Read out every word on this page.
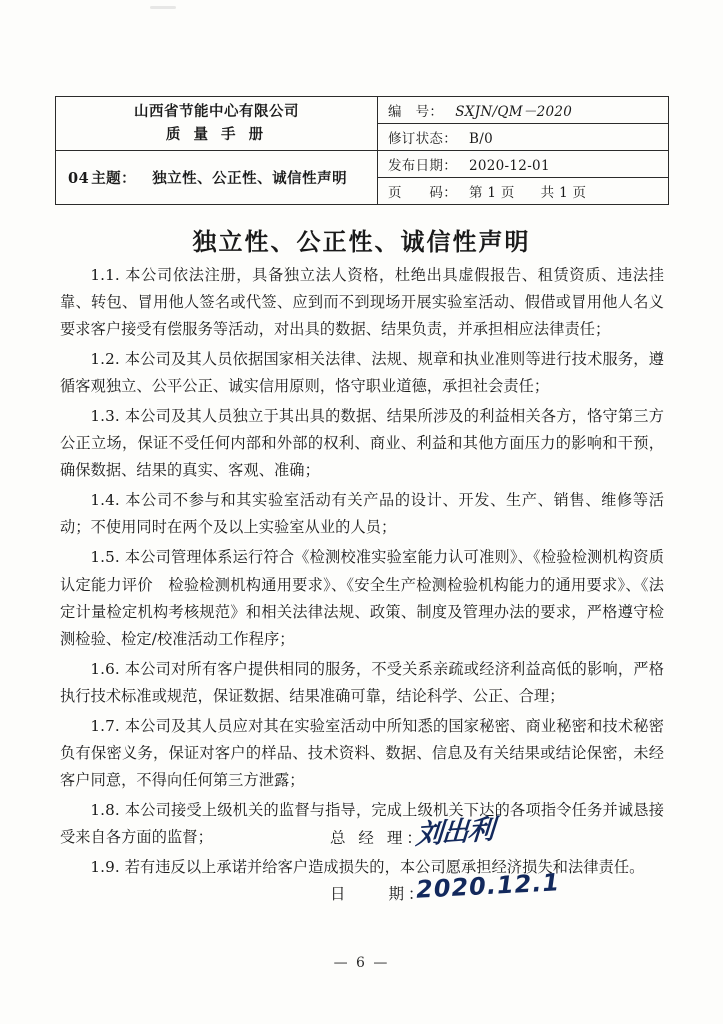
山西省节能中心有限公司
质 量 手 册	编　号： SXJN/QM－2020

	修订状态： B/0

04 主题： 独立性、公正性、诚信性声明	发布日期： 2020-12-01

	页　　码： 第 1 页 共 1 页
独立性、公正性、诚信性声明

1.1. 本公司依法注册，具备独立法人资格，杜绝出具虚假报告、租赁资质、违法挂靠、转包、冒用他人签名或代签、应到而不到现场开展实验室活动、假借或冒用他人名义要求客户接受有偿服务等活动，对出具的数据、结果负责，并承担相应法律责任；

1.2. 本公司及其人员依据国家相关法律、法规、规章和执业准则等进行技术服务，遵循客观独立、公平公正、诚实信用原则，恪守职业道德，承担社会责任；

1.3. 本公司及其人员独立于其出具的数据、结果所涉及的利益相关各方，恪守第三方公正立场，保证不受任何内部和外部的权利、商业、利益和其他方面压力的影响和干预，确保数据、结果的真实、客观、准确；

1.4. 本公司不参与和其实验室活动有关产品的设计、开发、生产、销售、维修等活动；不使用同时在两个及以上实验室从业的人员；

1.5. 本公司管理体系运行符合《检测校准实验室能力认可准则》、《检验检测机构资质认定能力评价　检验检测机构通用要求》、《安全生产检测检验机构能力的通用要求》、《法定计量检定机构考核规范》和相关法律法规、政策、制度及管理办法的要求，严格遵守检测检验、检定/校准活动工作程序；

1.6. 本公司对所有客户提供相同的服务，不受关系亲疏或经济利益高低的影响，严格执行技术标准或规范，保证数据、结果准确可靠，结论科学、公正、合理；

1.7. 本公司及其人员应对其在实验室活动中所知悉的国家秘密、商业秘密和技术秘密负有保密义务，保证对客户的样品、技术资料、数据、信息及有关结果或结论保密，未经客户同意，不得向任何第三方泄露；

1.8. 本公司接受上级机关的监督与指导，完成上级机关下达的各项指令任务并诚恳接受来自各方面的监督；

1.9. 若有违反以上承诺并给客户造成损失的，本公司愿承担经济损失和法律责任。

总 经 理：
刘出利
日　　期：
2020.12.1
— 6 —
